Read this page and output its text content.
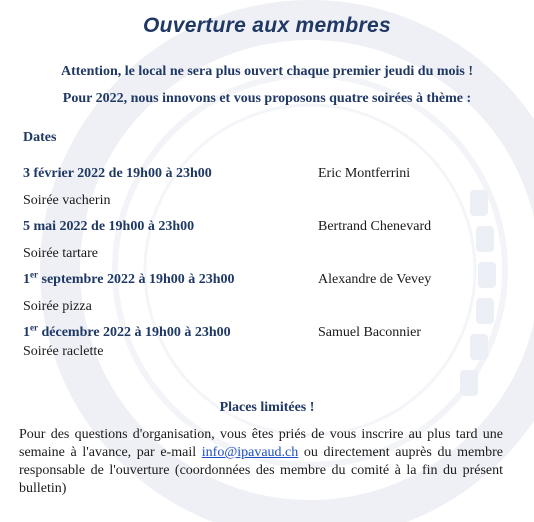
Ouverture aux membres
Attention, le local ne sera plus ouvert chaque premier jeudi du mois !
Pour 2022, nous innovons et vous proposons quatre soirées à thème :
Dates
3 février 2022 de 19h00 à 23h00	Eric Montferrini
Soirée vacherin
5 mai 2022 de 19h00 à 23h00	Bertrand Chenevard
Soirée tartare
1er septembre 2022 à 19h00 à 23h00	Alexandre de Vevey
Soirée pizza
1er décembre 2022 à 19h00 à 23h00	Samuel Baconnier
Soirée raclette
Places limitées !
Pour des questions d'organisation, vous êtes priés de vous inscrire au plus tard une semaine à l'avance, par e-mail info@ipavaud.ch ou directement auprès du membre responsable de l'ouverture (coordonnées des membre du comité à la fin du présent bulletin)
